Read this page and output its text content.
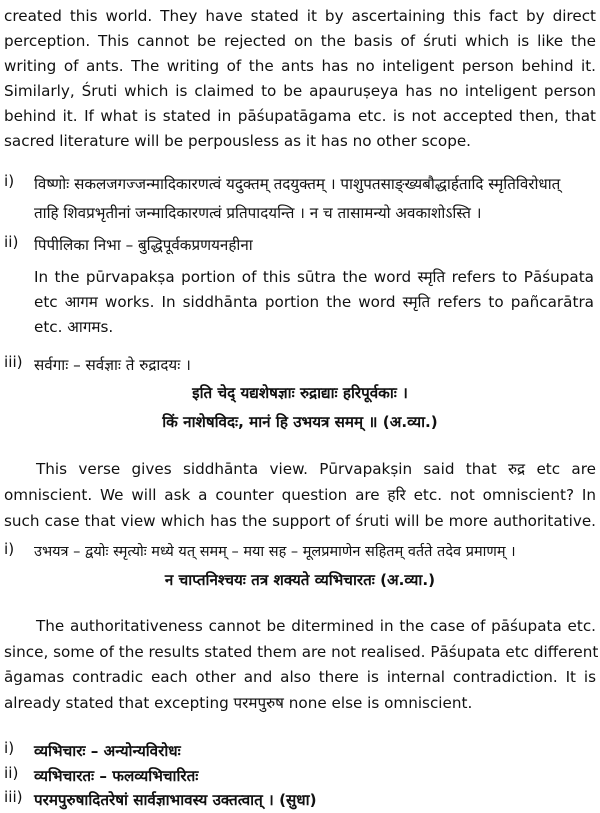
created this world. They have stated it by ascertaining this fact by direct
perception. This cannot be rejected on the basis of śruti which is like the
writing of ants. The writing of the ants has no inteligent person behind it.
Similarly, Śruti which is claimed to be apauruṣeya has no inteligent person
behind it. If what is stated in pāśupatāgama etc. is not accepted then, that
sacred literature will be perpousless as it has no other scope.
i)	विष्णोः सकलजगज्जन्मादिकारणत्वं यदुक्तम् तदयुक्तम् । पाशुपतसाङ्ख्यबौद्धार्हतादि स्मृतिविरोधात्
ताहि शिवप्रभृतीनां जन्मादिकारणत्वं प्रतिपादयन्ति । न च तासामन्यो अवकाशोऽस्ति ।
ii)	पिपीलिका निभा – बुद्धिपूर्वकप्रणयनहीना
In the pūrvapakṣa portion of this sūtra the word स्मृति refers to Pāśupata
etc आगम works. In siddhānta portion the word स्मृति refers to pañcarātra
etc. आगमs.
iii) सर्वगाः – सर्वज्ञाः ते रुद्रादयः ।
इति चेद् यद्यशेषज्ञाः रुद्राद्याः हरिपूर्वकाः ।
किं नाशेषविदः, मानं हि उभयत्र समम् ॥ (अ.व्या.)
This verse gives siddhānta view. Pūrvapakṣin said that रुद्र etc are
omniscient. We will ask a counter question are हरि etc. not omniscient? In
such case that view which has the support of śruti will be more authoritative.
i)	उभयत्र – द्वयोः स्मृत्योः मध्ये यत् समम् – मया सह – मूलप्रमाणेन सहितम् वर्तते तदेव प्रमाणम् ।
न चाप्तनिश्चयः तत्र शक्यते व्यभिचारतः (अ.व्या.)
The authoritativeness cannot be ditermined in the case of pāśupata etc.
since, some of the results stated them are not realised. Pāśupata etc different
āgamas contradic each other and also there is internal contradiction. It is
already stated that excepting परमपुरुष none else is omniscient.
i)	व्यभिचारः – अन्योन्यविरोधः
ii)	व्यभिचारतः – फलव्यभिचारितः
iii) परमपुरुषादितरेषां सार्वज्ञाभावस्य उक्तत्वात् । (सुधा)
